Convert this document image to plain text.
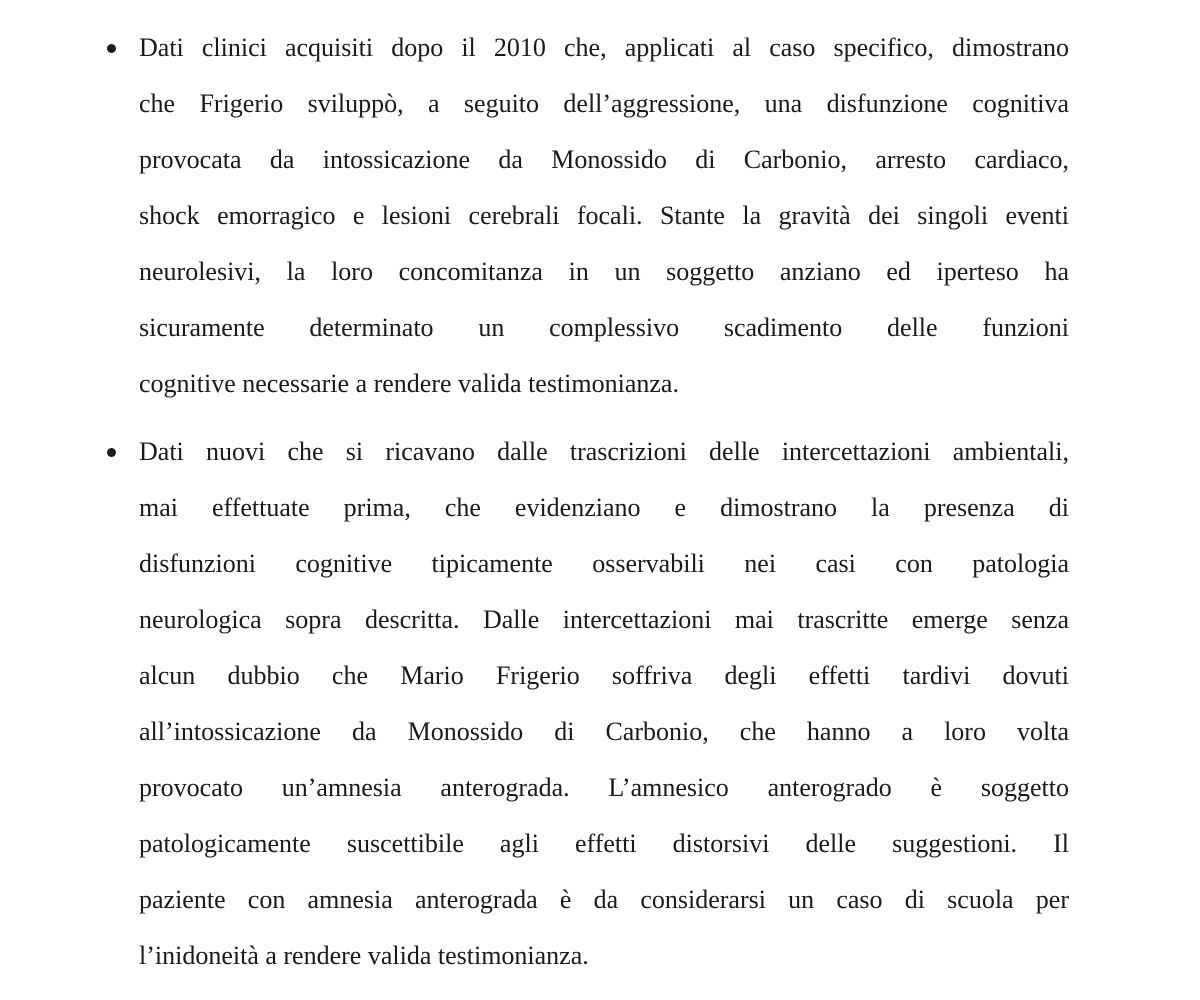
Dati clinici acquisiti dopo il 2010 che, applicati al caso specifico, dimostrano
che Frigerio sviluppò, a seguito dell’aggressione, una disfunzione cognitiva
provocata da intossicazione da Monossido di Carbonio, arresto cardiaco,
shock emorragico e lesioni cerebrali focali. Stante la gravità dei singoli eventi
neurolesivi, la loro concomitanza in un soggetto anziano ed iperteso ha
sicuramente determinato un complessivo scadimento delle funzioni
cognitive necessarie a rendere valida testimonianza.
Dati nuovi che si ricavano dalle trascrizioni delle intercettazioni ambientali,
mai effettuate prima, che evidenziano e dimostrano la presenza di
disfunzioni cognitive tipicamente osservabili nei casi con patologia
neurologica sopra descritta. Dalle intercettazioni mai trascritte emerge senza
alcun dubbio che Mario Frigerio soffriva degli effetti tardivi dovuti
all’intossicazione da Monossido di Carbonio, che hanno a loro volta
provocato un’amnesia anterograda. L’amnesico anterogrado è soggetto
patologicamente suscettibile agli effetti distorsivi delle suggestioni. Il
paziente con amnesia anterograda è da considerarsi un caso di scuola per
l’inidoneità a rendere valida testimonianza.
